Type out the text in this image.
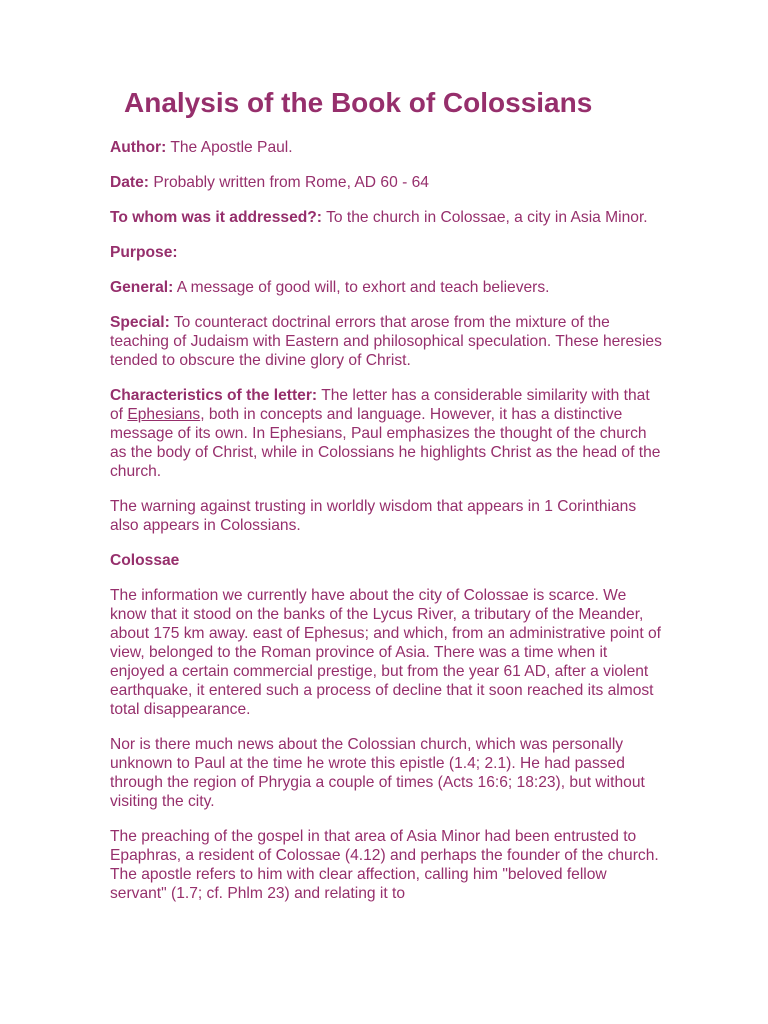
Analysis of the Book of Colossians

Author: The Apostle Paul.

Date: Probably written from Rome, AD 60 - 64

To whom was it addressed?: To the church in Colossae, a city in Asia Minor.

Purpose:

General: A message of good will, to exhort and teach believers.

Special: To counteract doctrinal errors that arose from the mixture of the teaching of Judaism with Eastern and philosophical speculation. These heresies tended to obscure the divine glory of Christ.

Characteristics of the letter: The letter has a considerable similarity with that of Ephesians, both in concepts and language. However, it has a distinctive message of its own. In Ephesians, Paul emphasizes the thought of the church as the body of Christ, while in Colossians he highlights Christ as the head of the church.

The warning against trusting in worldly wisdom that appears in 1 Corinthians also appears in Colossians.

Colossae

The information we currently have about the city of Colossae is scarce. We know that it stood on the banks of the Lycus River, a tributary of the Meander, about 175 km away. east of Ephesus; and which, from an administrative point of view, belonged to the Roman province of Asia. There was a time when it enjoyed a certain commercial prestige, but from the year 61 AD, after a violent earthquake, it entered such a process of decline that it soon reached its almost total disappearance.

Nor is there much news about the Colossian church, which was personally unknown to Paul at the time he wrote this epistle (1.4; 2.1). He had passed through the region of Phrygia a couple of times (Acts 16:6; 18:23), but without visiting the city.

The preaching of the gospel in that area of Asia Minor had been entrusted to Epaphras, a resident of Colossae (4.12) and perhaps the founder of the church. The apostle refers to him with clear affection, calling him "beloved fellow servant" (1.7; cf. Phlm 23) and relating it to
